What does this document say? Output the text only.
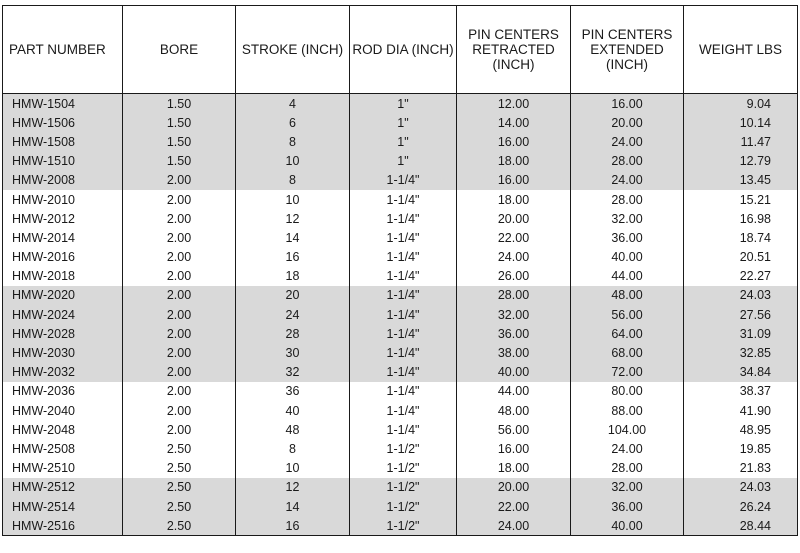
PART NUMBER	BORE	STROKE (INCH)	ROD DIA (INCH)	PIN CENTERS
RETRACTED
(INCH)	PIN CENTERS
EXTENDED
(INCH)	WEIGHT LBS
HMW-1504	1.50	4	1"	12.00	16.00	9.04
HMW-1506	1.50	6	1"	14.00	20.00	10.14
HMW-1508	1.50	8	1"	16.00	24.00	11.47
HMW-1510	1.50	10	1"	18.00	28.00	12.79
HMW-2008	2.00	8	1-1/4"	16.00	24.00	13.45
HMW-2010	2.00	10	1-1/4"	18.00	28.00	15.21
HMW-2012	2.00	12	1-1/4"	20.00	32.00	16.98
HMW-2014	2.00	14	1-1/4"	22.00	36.00	18.74
HMW-2016	2.00	16	1-1/4"	24.00	40.00	20.51
HMW-2018	2.00	18	1-1/4"	26.00	44.00	22.27
HMW-2020	2.00	20	1-1/4"	28.00	48.00	24.03
HMW-2024	2.00	24	1-1/4"	32.00	56.00	27.56
HMW-2028	2.00	28	1-1/4"	36.00	64.00	31.09
HMW-2030	2.00	30	1-1/4"	38.00	68.00	32.85
HMW-2032	2.00	32	1-1/4"	40.00	72.00	34.84
HMW-2036	2.00	36	1-1/4"	44.00	80.00	38.37
HMW-2040	2.00	40	1-1/4"	48.00	88.00	41.90
HMW-2048	2.00	48	1-1/4"	56.00	104.00	48.95
HMW-2508	2.50	8	1-1/2"	16.00	24.00	19.85
HMW-2510	2.50	10	1-1/2"	18.00	28.00	21.83
HMW-2512	2.50	12	1-1/2"	20.00	32.00	24.03
HMW-2514	2.50	14	1-1/2"	22.00	36.00	26.24
HMW-2516	2.50	16	1-1/2"	24.00	40.00	28.44
